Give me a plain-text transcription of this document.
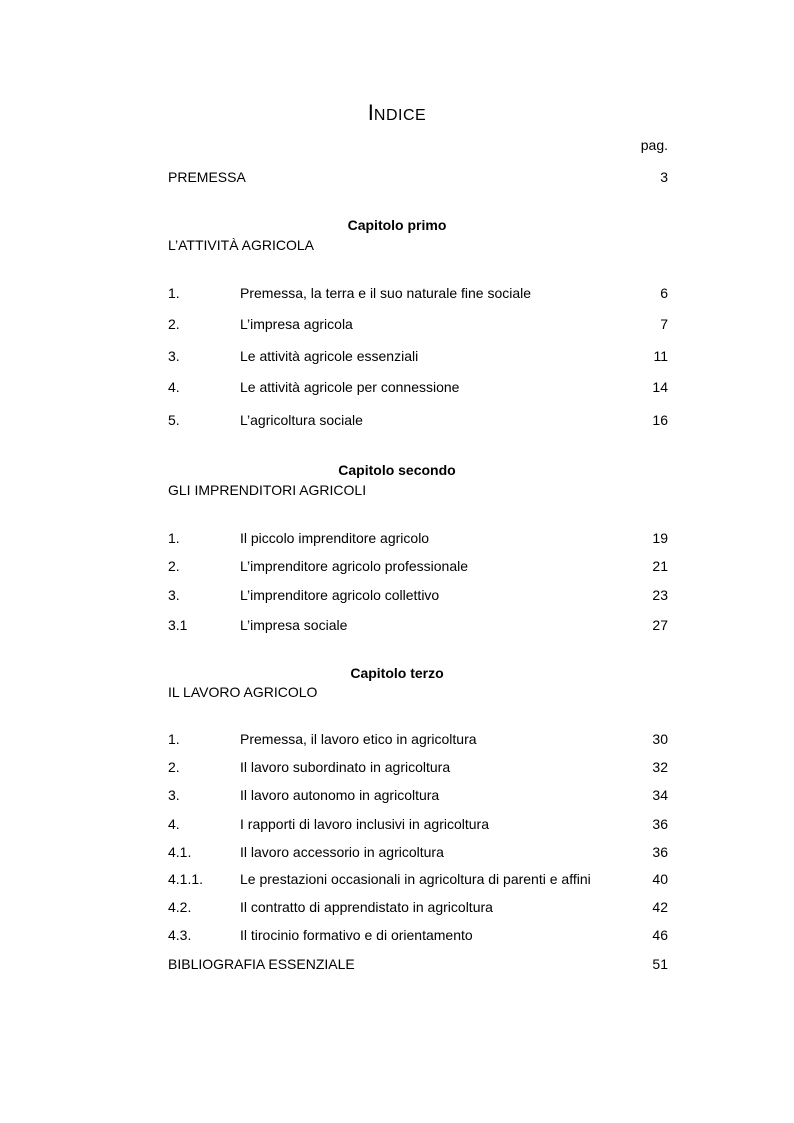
INDICE
pag.
PREMESSA	3
Capitolo primo
L’ATTIVITÀ AGRICOLA
1.	Premessa, la terra e il suo naturale fine sociale	6
2.	L’impresa agricola	7
3.	Le attività agricole essenziali	11
4.	Le attività agricole per connessione	14
5.	L’agricoltura sociale	16
Capitolo secondo
GLI IMPRENDITORI AGRICOLI
1.	Il piccolo imprenditore agricolo	19
2.	L’imprenditore agricolo professionale	21
3.	L’imprenditore agricolo collettivo	23
3.1	L’impresa sociale	27
Capitolo terzo
IL LAVORO AGRICOLO
1.	Premessa, il lavoro etico in agricoltura	30
2.	Il lavoro subordinato in agricoltura	32
3.	Il lavoro autonomo in agricoltura	34
4.	I rapporti di lavoro inclusivi in agricoltura	36
4.1.	Il lavoro accessorio in agricoltura	36
4.1.1.	Le prestazioni occasionali in agricoltura di parenti e affini	40
4.2.	Il contratto di apprendistato in agricoltura	42
4.3.	Il tirocinio formativo e di orientamento	46
BIBLIOGRAFIA ESSENZIALE	51
